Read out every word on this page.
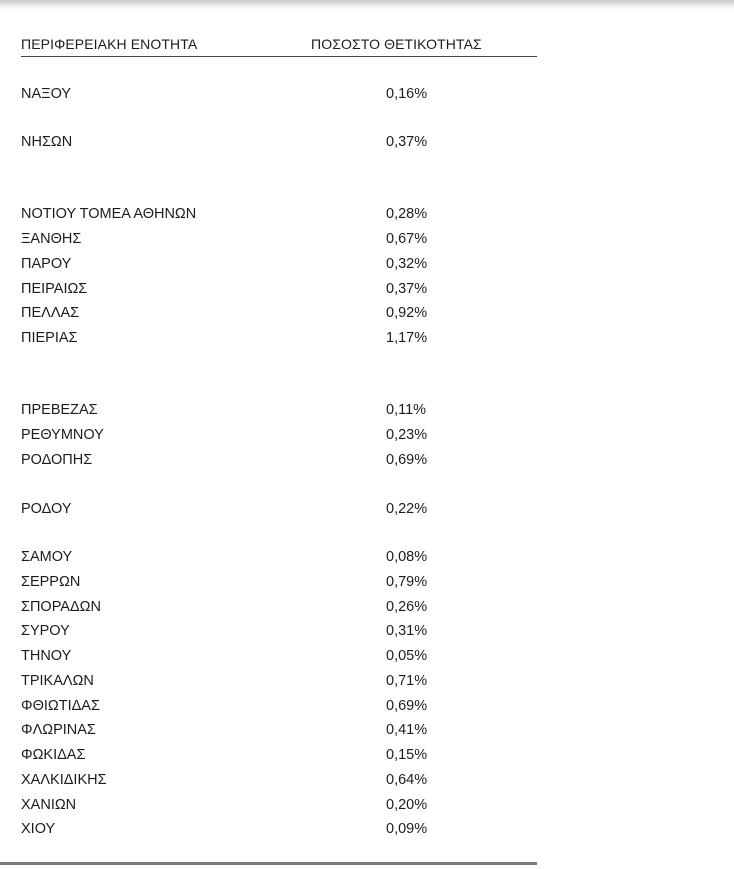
ΠΕΡΙΦΕΡΕΙΑΚΗ ΕΝΟΤΗΤΑ	ΠΟΣΟΣΤΟ ΘΕΤΙΚΟΤΗΤΑΣ
ΝΑΞΟΥ	0,16%
ΝΗΣΩΝ	0,37%
ΝΟΤΙΟΥ ΤΟΜΕΑ ΑΘΗΝΩΝ	0,28%
ΞΑΝΘΗΣ	0,67%
ΠΑΡΟΥ	0,32%
ΠΕΙΡΑΙΩΣ	0,37%
ΠΕΛΛΑΣ	0,92%
ΠΙΕΡΙΑΣ	1,17%
ΠΡΕΒΕΖΑΣ	0,11%
ΡΕΘΥΜΝΟΥ	0,23%
ΡΟΔΟΠΗΣ	0,69%
ΡΟΔΟΥ	0,22%
ΣΑΜΟΥ	0,08%
ΣΕΡΡΩΝ	0,79%
ΣΠΟΡΑΔΩΝ	0,26%
ΣΥΡΟΥ	0,31%
ΤΗΝΟΥ	0,05%
ΤΡΙΚΑΛΩΝ	0,71%
ΦΘΙΩΤΙΔΑΣ	0,69%
ΦΛΩΡΙΝΑΣ	0,41%
ΦΩΚΙΔΑΣ	0,15%
ΧΑΛΚΙΔΙΚΗΣ	0,64%
ΧΑΝΙΩΝ	0,20%
ΧΙΟΥ	0,09%
